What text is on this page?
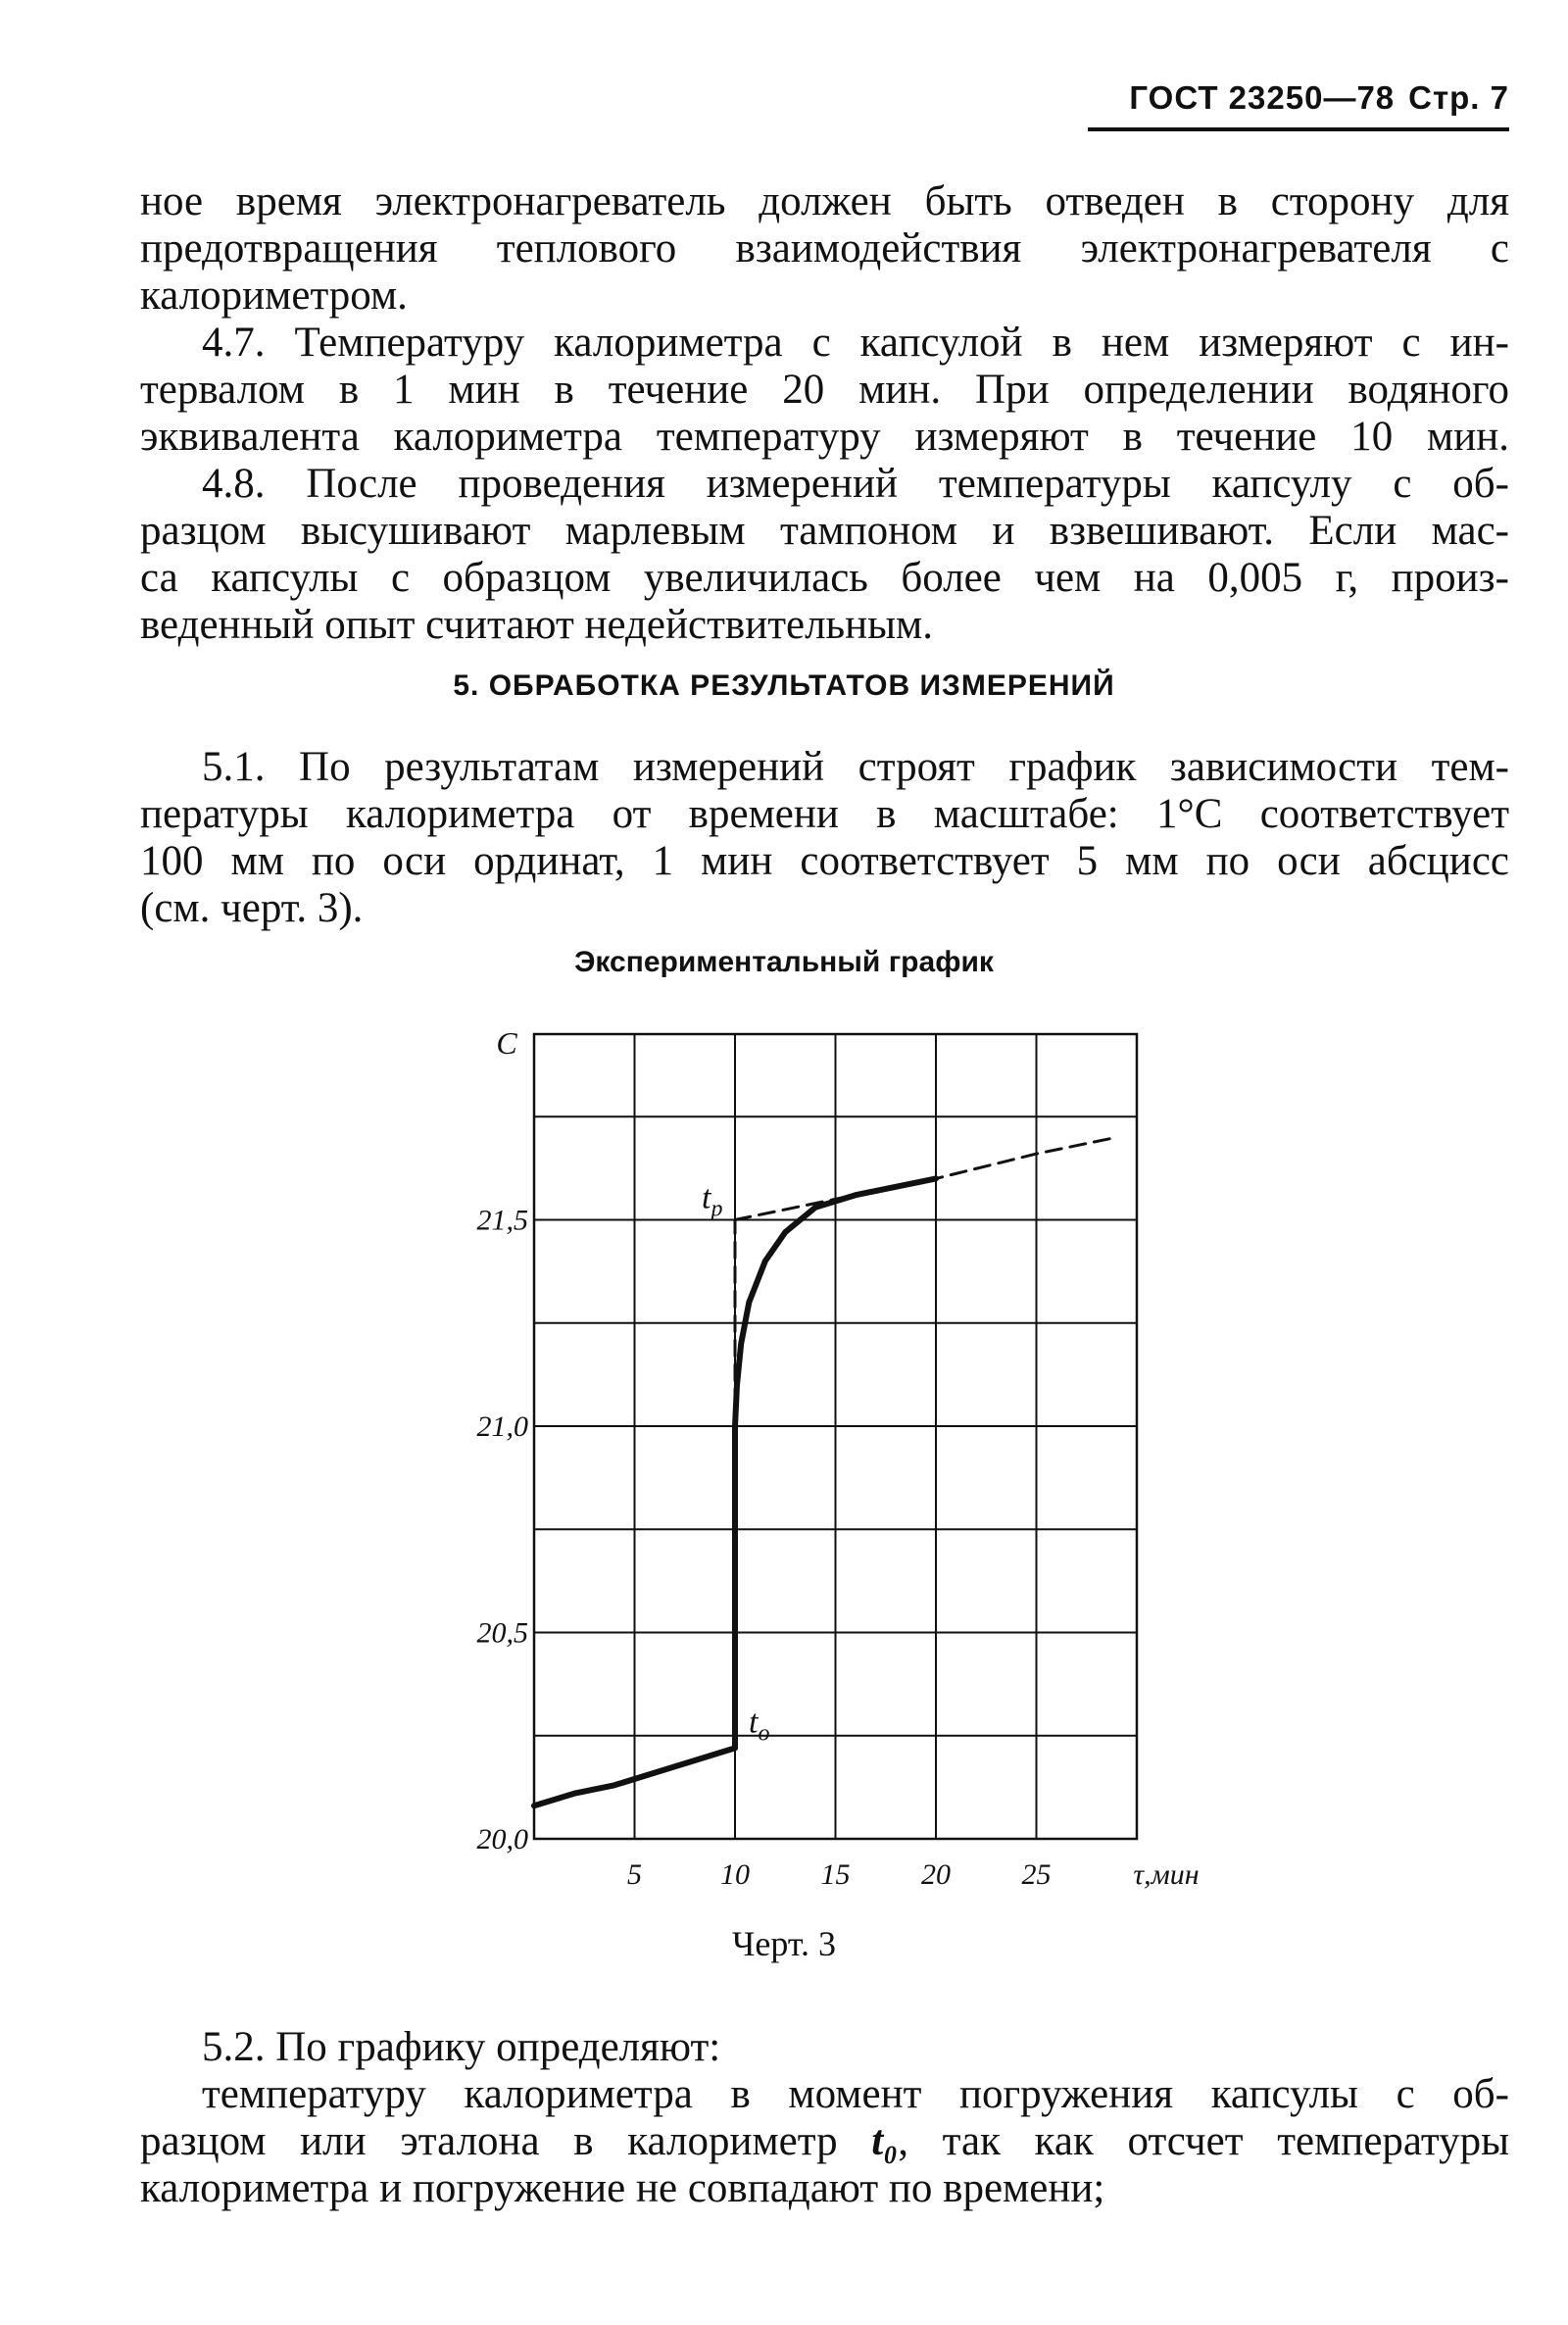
ГОСТ 23250—78 Стр. 7

ное время электронагреватель должен быть отведен в сторону для
предотвращения теплового взаимодействия электронагревателя с
калориметром.

4.7. Температуру калориметра с капсулой в нем измеряют с ин-
тервалом в 1 мин в течение 20 мин. При определении водяного
эквивалента калориметра температуру измеряют в течение 10 мин.

4.8. После проведения измерений температуры капсулу с об-
разцом высушивают марлевым тампоном и взвешивают. Если мас-
са капсулы с образцом увеличилась более чем на 0,005 г, произ-
веденный опыт считают недействительным.

5. ОБРАБОТКА РЕЗУЛЬТАТОВ ИЗМЕРЕНИЙ

5.1. По результатам измерений строят график зависимости тем-
пературы калориметра от времени в масштабе: 1°С соответствует
100 мм по оси ординат, 1 мин соответствует 5 мм по оси абсцисс
(см. черт. 3).

Экспериментальный график
5	10 15 20 25
20,0
20,5
21,0
21,5
С
τ,мин
$t_p$
$t_o$
Черт. 3

5.2. По графику определяют:

температуру калориметра в момент погружения капсулы с об-
разцом или эталона в калориметр t₀, так как отсчет температуры
калориметра и погружение не совпадают по времени;
